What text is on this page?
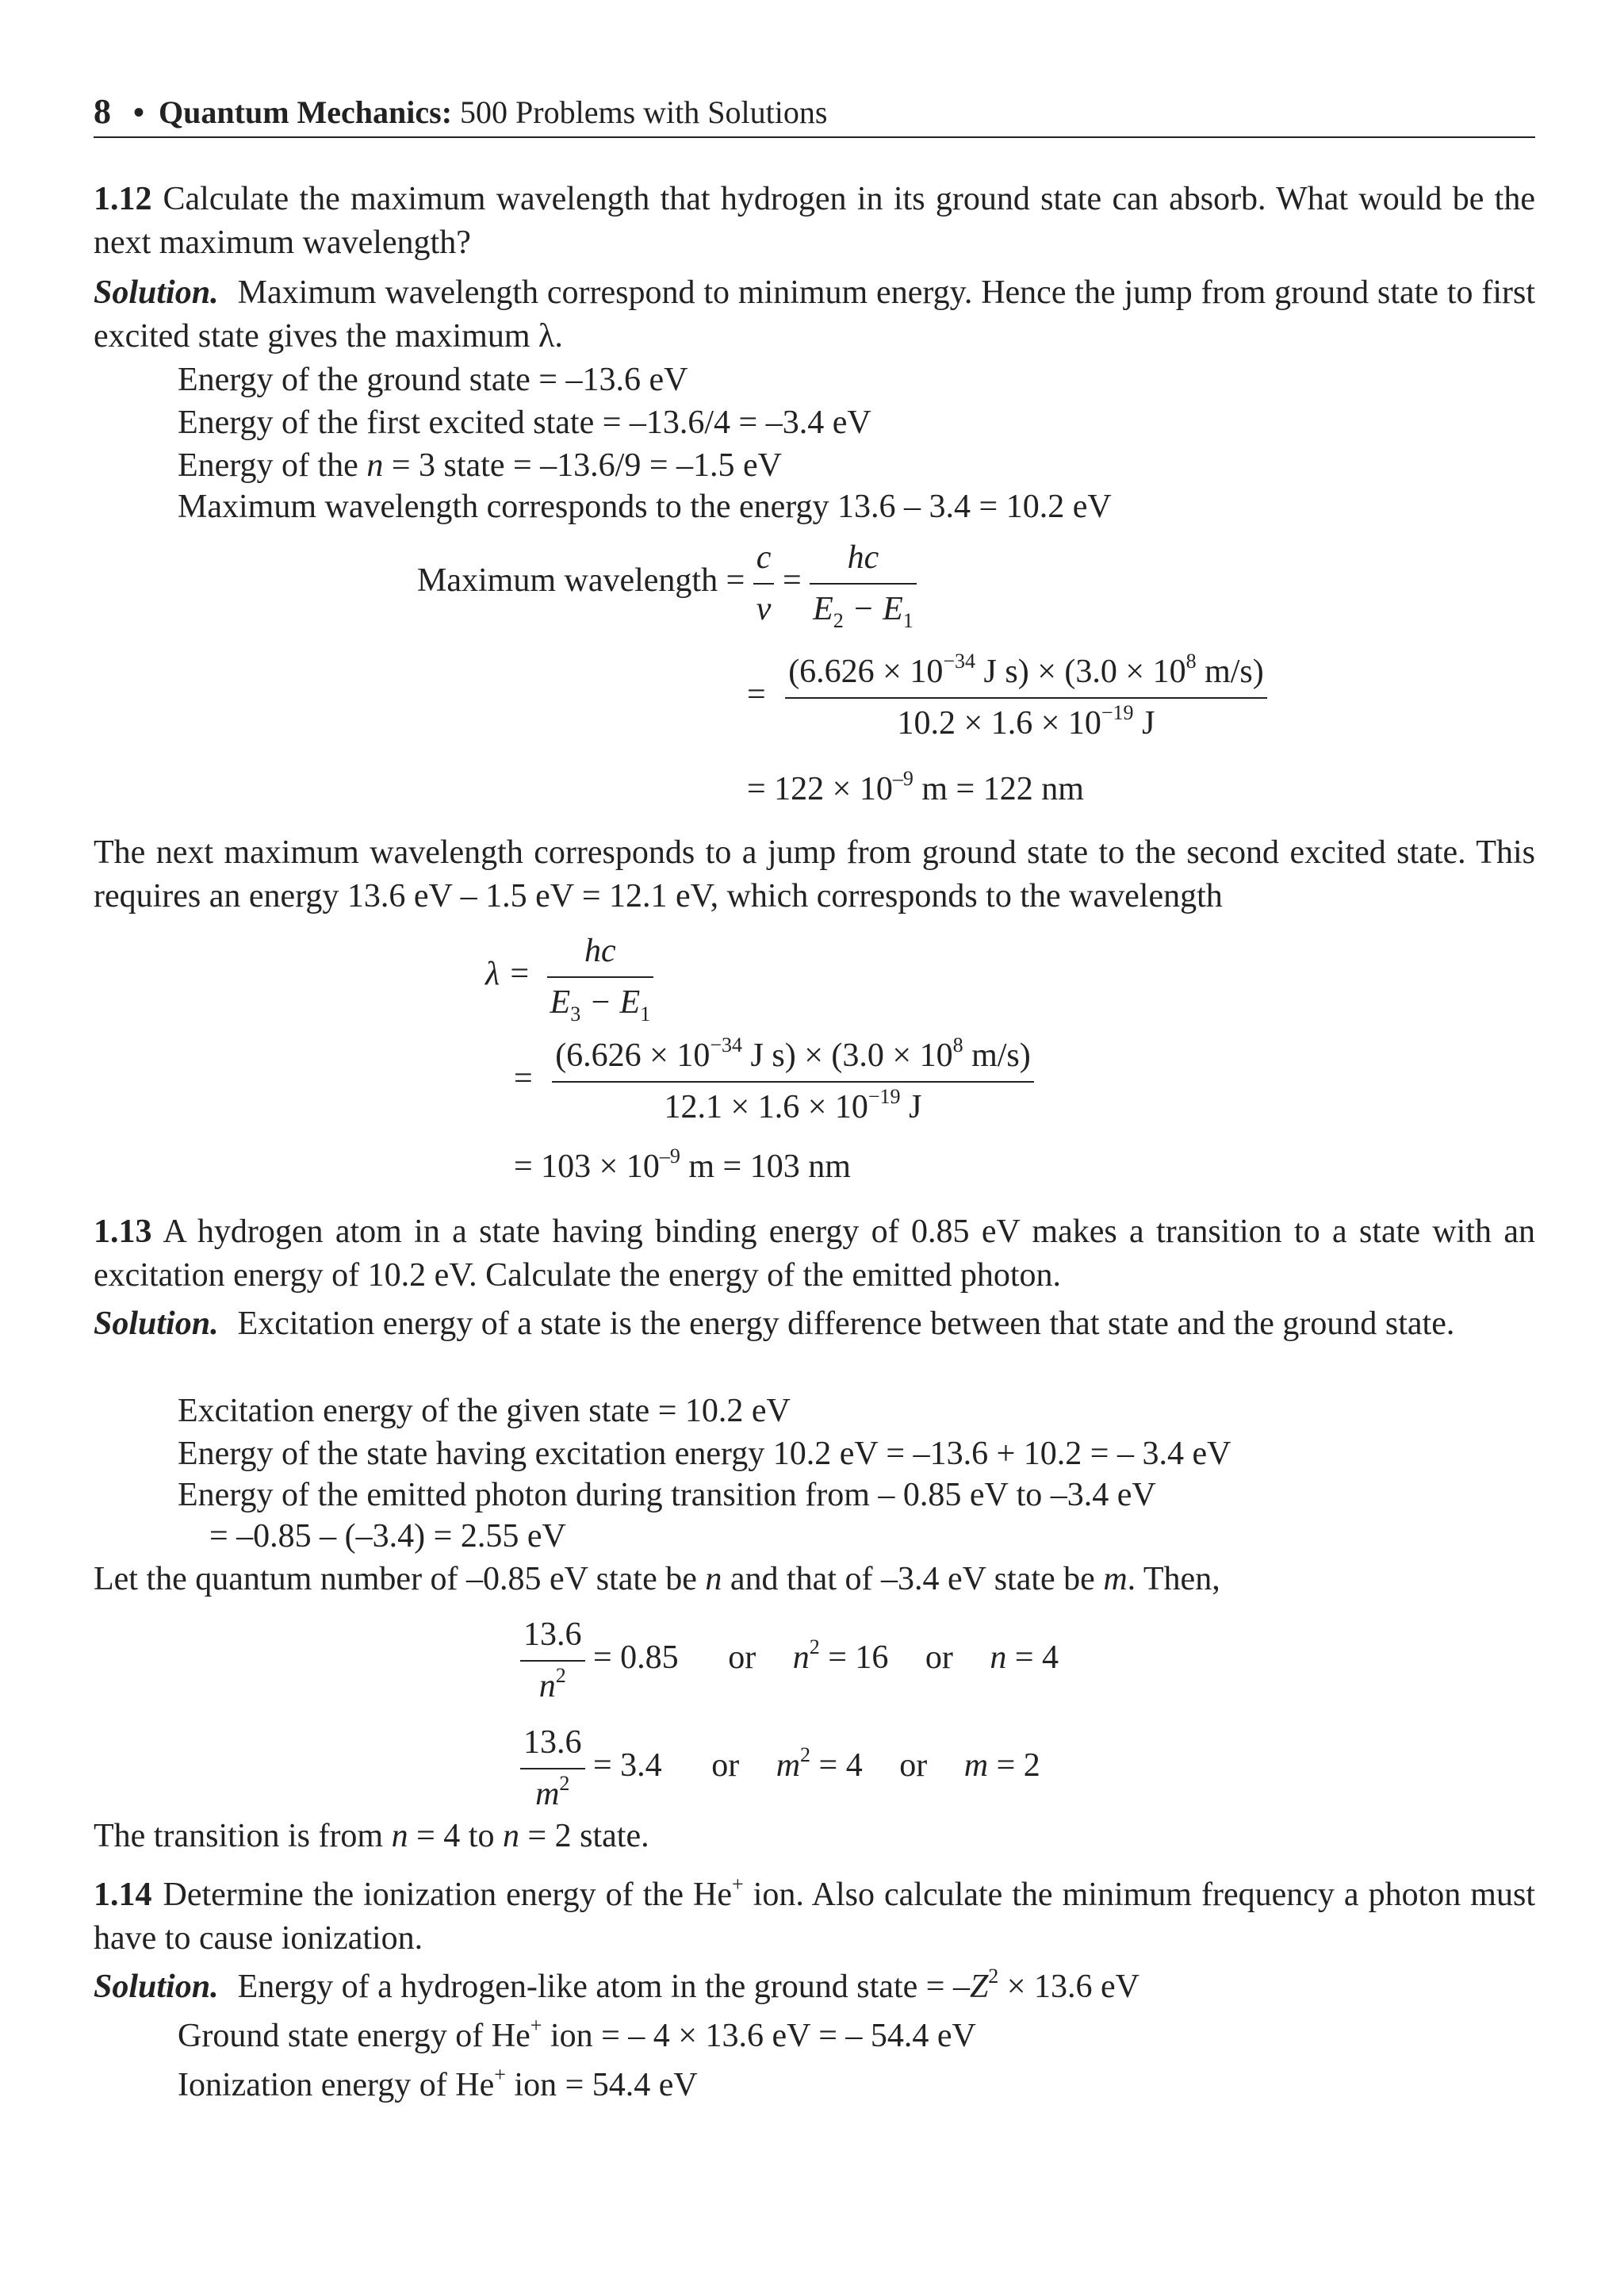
8 • Quantum Mechanics: 500 Problems with Solutions
1.12 Calculate the maximum wavelength that hydrogen in its ground state can absorb. What would be the next maximum wavelength?
Solution. Maximum wavelength correspond to minimum energy. Hence the jump from ground state to first excited state gives the maximum λ.
Energy of the ground state = –13.6 eV
Energy of the first excited state = –13.6/4 = –3.4 eV
Energy of the n = 3 state = –13.6/9 = –1.5 eV
Maximum wavelength corresponds to the energy 13.6 – 3.4 = 10.2 eV
Maximum wavelength = $\frac{c}{\nu} = \frac{hc}{E_2 - E_1}$
= $\frac{(6.626 \times 10^{-34} J s) \times (3.0 \times 10^8 m/s)}{10.2 \times 1.6 \times 10^{-19} J}$
= $122 \times 10^{-9}$ m = 122 nm
The next maximum wavelength corresponds to a jump from ground state to the second excited state. This requires an energy 13.6 eV – 1.5 eV = 12.1 eV, which corresponds to the wavelength
$\lambda = \frac{hc}{E_3 - E_1}$
= $\frac{(6.626 \times 10^{-34} J s) \times (3.0 \times 10^8 m/s)}{12.1 \times 1.6 \times 10^{-19} J}$
= $103 \times 10^{-9}$ m = 103 nm
1.13 A hydrogen atom in a state having binding energy of 0.85 eV makes a transition to a state with an excitation energy of 10.2 eV. Calculate the energy of the emitted photon.
Solution. Excitation energy of a state is the energy difference between that state and the ground state.
Excitation energy of the given state = 10.2 eV
Energy of the state having excitation energy 10.2 eV = –13.6 + 10.2 = – 3.4 eV
Energy of the emitted photon during transition from – 0.85 eV to –3.4 eV
= –0.85 – (–3.4) = 2.55 eV
Let the quantum number of –0.85 eV state be n and that of –3.4 eV state be m. Then,
$\frac{13.6}{n^2} = 0.85$ or $n^2 = 16$ or n = 4
$\frac{13.6}{m^2} = 3.4$ or $m^2 = 4$ or m = 2
The transition is from n = 4 to n = 2 state.
1.14 Determine the ionization energy of the He+ ion. Also calculate the minimum frequency a photon must have to cause ionization.
Solution. Energy of a hydrogen-like atom in the ground state = $-Z^2 \times 13.6$ eV
Ground state energy of He+ ion = – 4 × 13.6 eV = – 54.4 eV
Ionization energy of He+ ion = 54.4 eV
